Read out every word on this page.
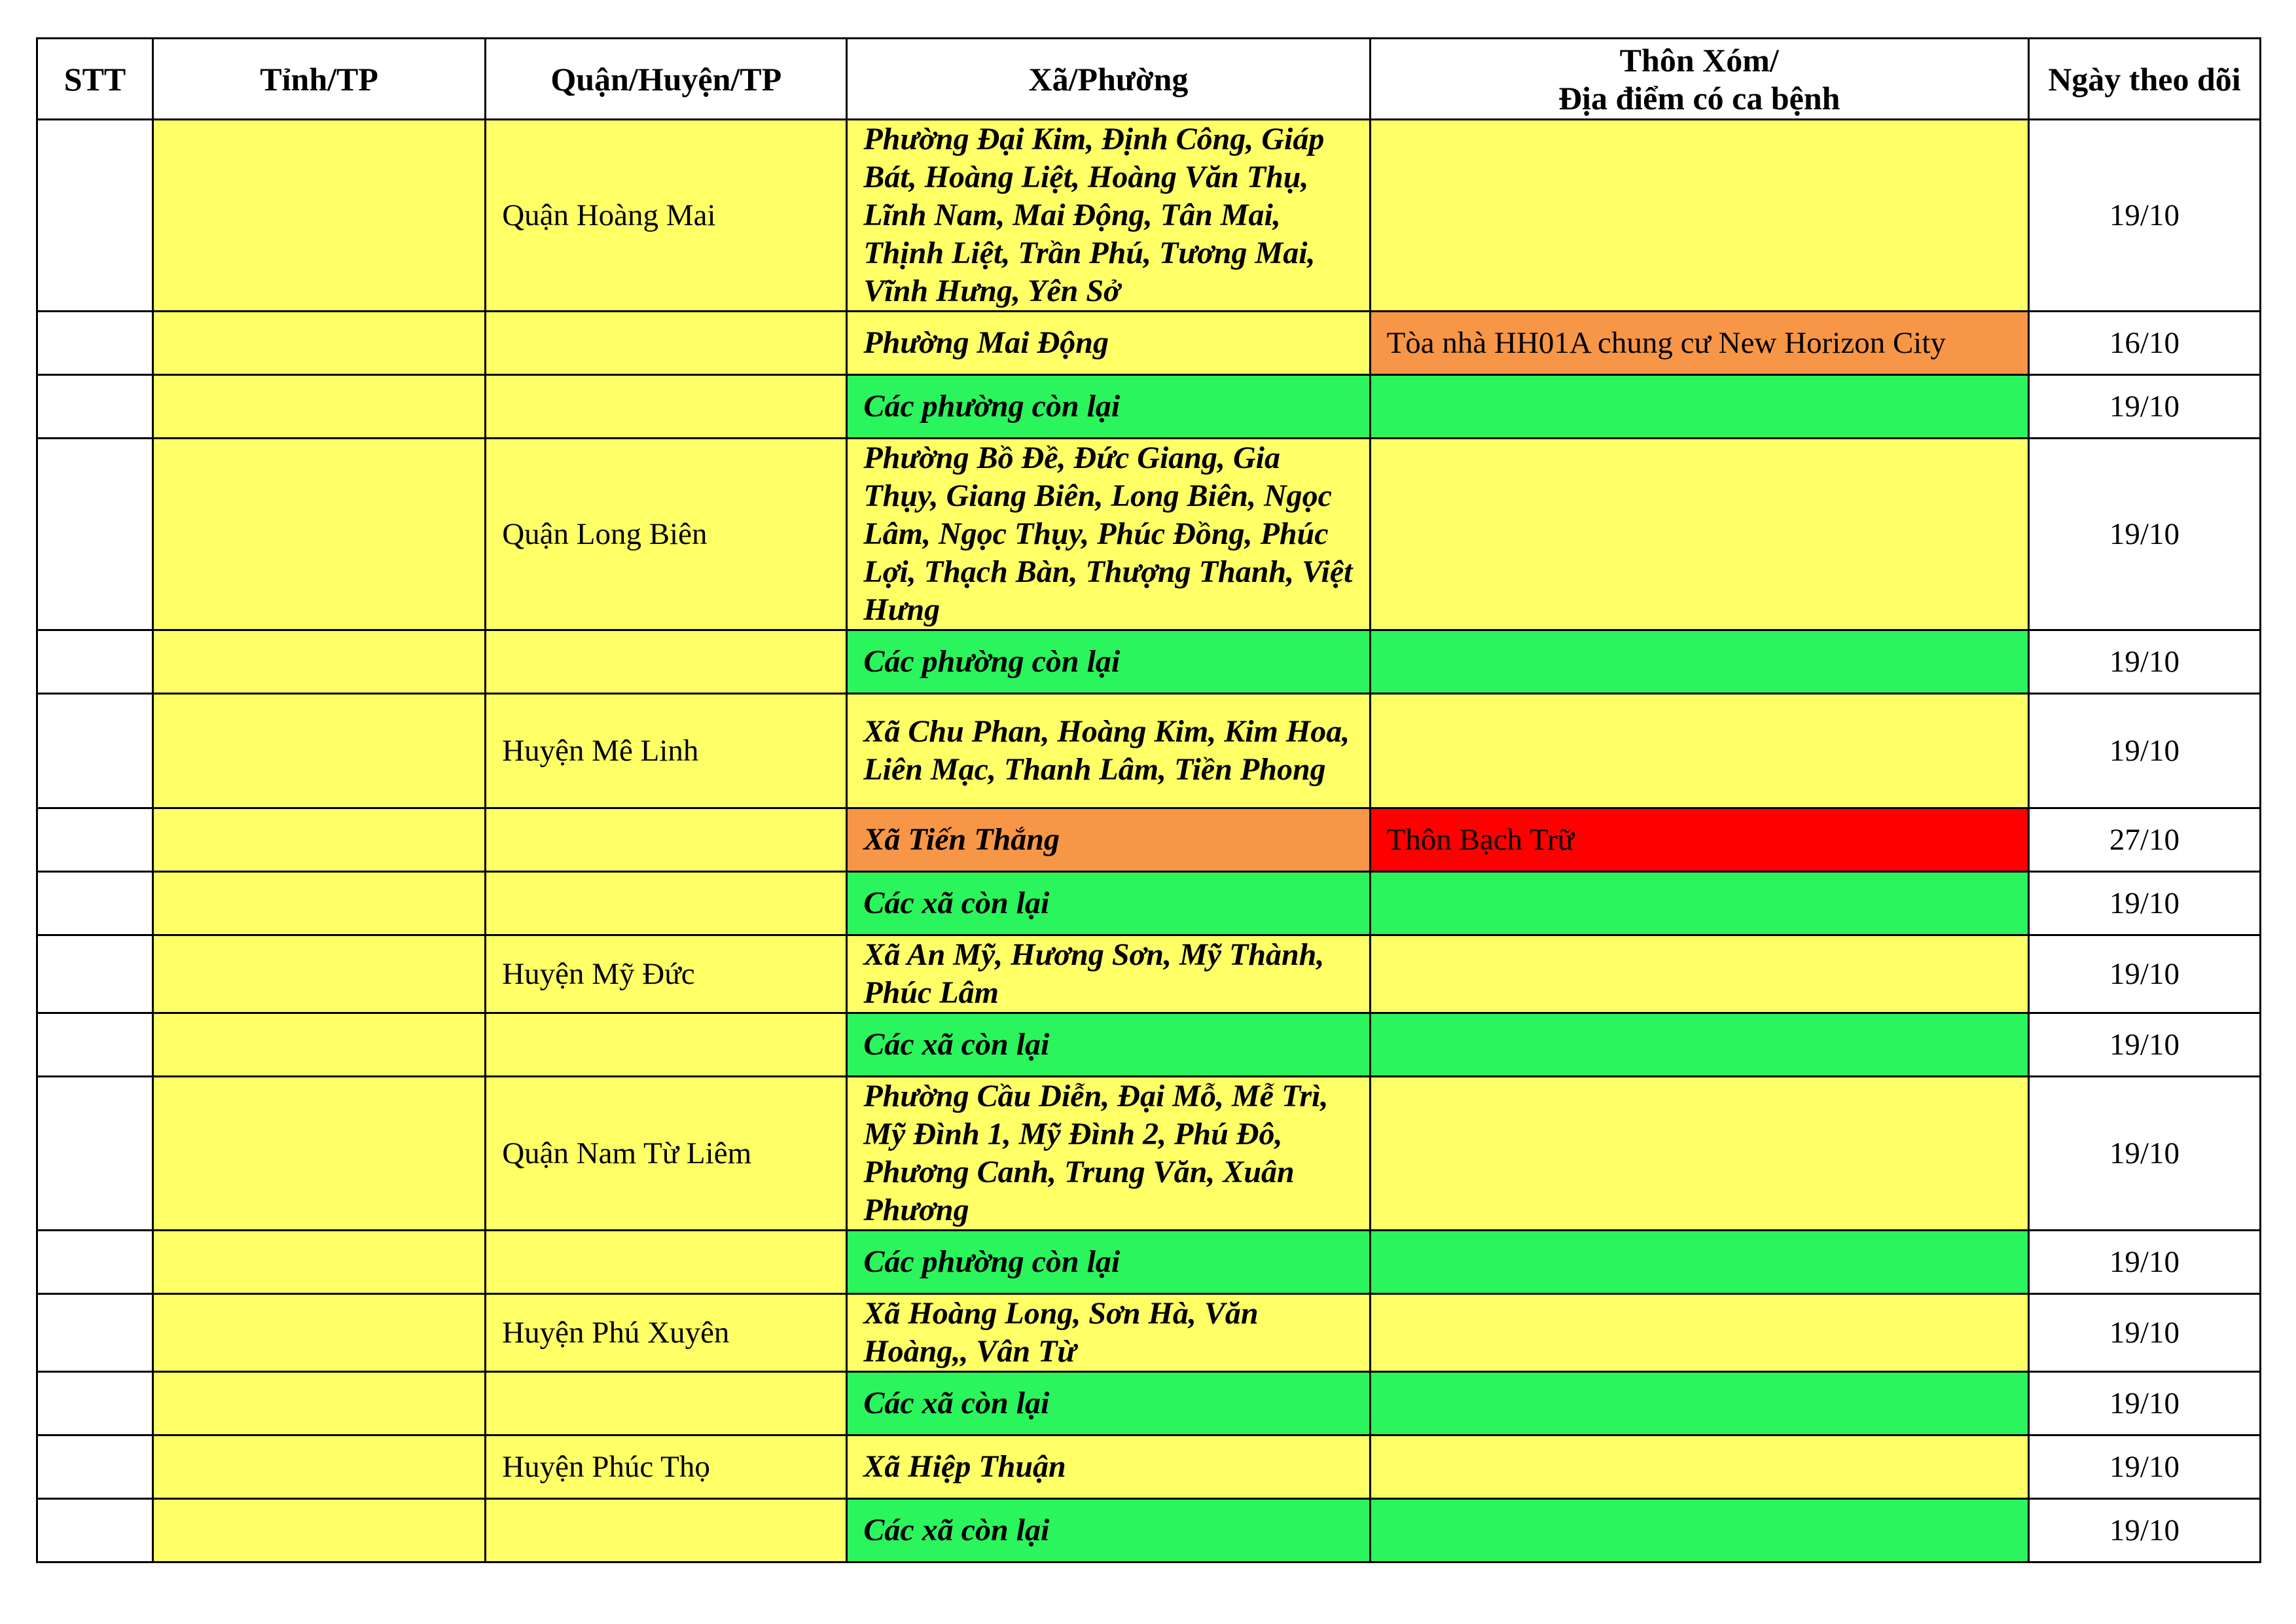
STT	Tỉnh/TP	Quận/Huyện/TP	Xã/Phường	Thôn Xóm/
Địa điểm có ca bệnh	Ngày theo dõi
		Quận Hoàng Mai	Phường Đại Kim, Định Công, Giáp Bát, Hoàng Liệt, Hoàng Văn Thụ, Lĩnh Nam, Mai Động, Tân Mai, Thịnh Liệt, Trần Phú, Tương Mai, Vĩnh Hưng, Yên Sở		19/10
			Phường Mai Động	Tòa nhà HH01A chung cư New Horizon City	16/10
			Các phường còn lại		19/10
		Quận Long Biên	Phường Bồ Đề, Đức Giang, Gia Thụy, Giang Biên, Long Biên, Ngọc Lâm, Ngọc Thụy, Phúc Đồng, Phúc Lợi, Thạch Bàn, Thượng Thanh, Việt Hưng		19/10
			Các phường còn lại		19/10
		Huyện Mê Linh	Xã Chu Phan, Hoàng Kim, Kim Hoa, Liên Mạc, Thanh Lâm, Tiền Phong		19/10
			Xã Tiến Thắng	Thôn Bạch Trữ	27/10
			Các xã còn lại		19/10
		Huyện Mỹ Đức	Xã An Mỹ, Hương Sơn, Mỹ Thành, Phúc Lâm		19/10
			Các xã còn lại		19/10
		Quận Nam Từ Liêm	Phường Cầu Diễn, Đại Mỗ, Mễ Trì, Mỹ Đình 1, Mỹ Đình 2, Phú Đô, Phương Canh, Trung Văn, Xuân Phương		19/10
			Các phường còn lại		19/10
		Huyện Phú Xuyên	Xã Hoàng Long, Sơn Hà, Văn Hoàng,, Vân Từ		19/10
			Các xã còn lại		19/10
		Huyện Phúc Thọ	Xã Hiệp Thuận		19/10
			Các xã còn lại		19/10
